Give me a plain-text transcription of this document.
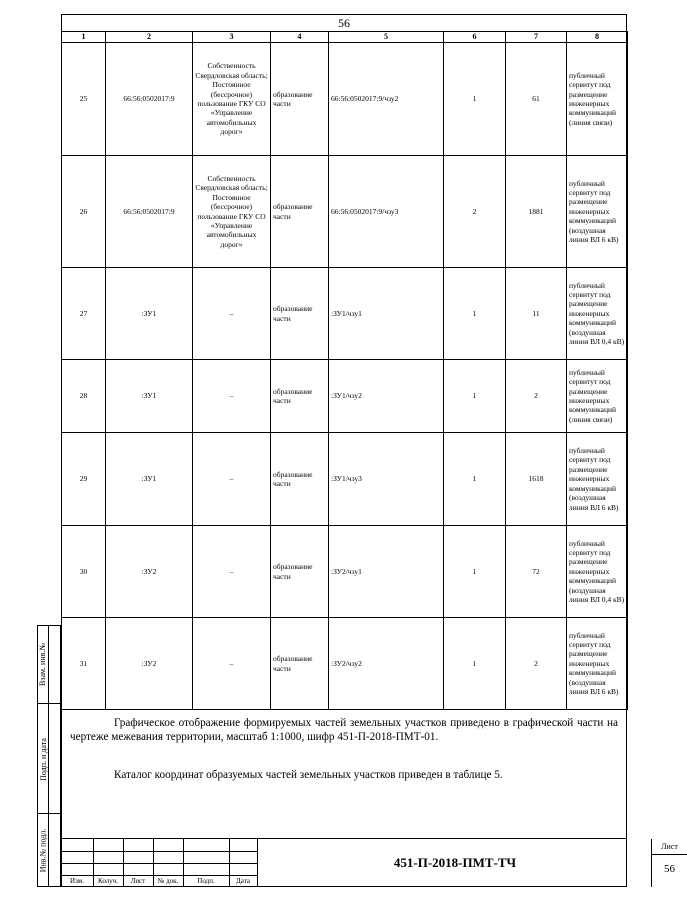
Взам. инв.№
Подп. и дата
Инв.№ подл.
56
1	2	3	4	5	6	7	8
25	66:56:0502017:9	Собственность Свердловская область; Постоянное (бессрочное) пользование ГКУ СО «Управление автомобильных дорог»	образование части	66:56:0502017:9/чзу2	1	61	публичный сервитут под размещение инженерных коммуникаций (линия связи)
26	66:56:0502017:9	Собственность Свердловская область; Постоянное (бессрочное) пользование ГКУ СО «Управление автомобильных дорог»	образование части	66:56:0502017:9/чзу3	2	1881	публичный сервитут под размещение инженерных коммуникаций (воздушная линия ВЛ 6 кВ)
27	:ЗУ1	–	образование части	:ЗУ1/чзу1	1	11	публичный сервитут под размещение инженерных коммуникаций (воздушная линия ВЛ 0,4 кВ)
28	:ЗУ1	–	образование части	:ЗУ1/чзу2	1	2	публичный сервитут под размещение инженерных коммуникаций (линия связи)
29	:ЗУ1	–	образование части	:ЗУ1/чзу3	1	1618	публичный сервитут под размещение инженерных коммуникаций (воздушная линия ВЛ 6 кВ)
30	:ЗУ2	–	образование части	:ЗУ2/чзу1	1	72	публичный сервитут под размещение инженерных коммуникаций (воздушная линия ВЛ 0,4 кВ)
31	:ЗУ2	–	образование части	:ЗУ2/чзу2	1	2	публичный сервитут под размещение инженерных коммуникаций (воздушная линия ВЛ 6 кВ)

Графическое отображение формируемых частей земельных участков приведено в графической части на чертеже межевания территории, масштаб 1:1000, шифр 451-П-2018-ПМТ-01.

Каталог координат образуемых частей земельных участков приведен в таблице 5.

Изм.	Колуч.	Лист	№ док.	Подп.	Дата
451-П-2018-ПМТ-ТЧ
Лист
56
